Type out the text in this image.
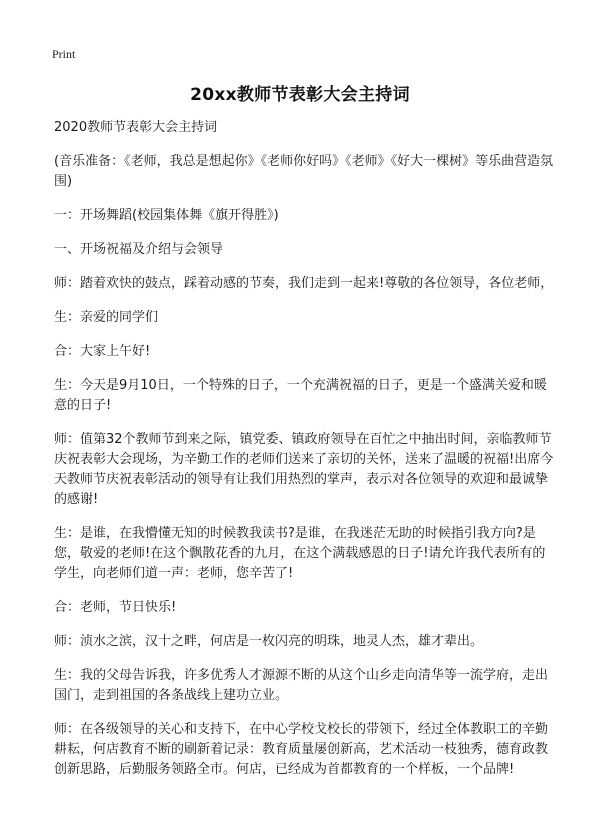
Print
20xx教师节表彰大会主持词

2020教师节表彰大会主持词

(音乐准备：《老师，我总是想起你》《老师你好吗》《老师》《好大一棵树》等乐曲营造氛围)

一：开场舞蹈(校园集体舞《旗开得胜》)

一、开场祝福及介绍与会领导

师：踏着欢快的鼓点，踩着动感的节奏，我们走到一起来!尊敬的各位领导，各位老师，

生：亲爱的同学们

合：大家上午好!

生：今天是9月10日，一个特殊的日子，一个充满祝福的日子，更是一个盛满关爱和暖意的日子!

师：值第32个教师节到来之际，镇党委、镇政府领导在百忙之中抽出时间，亲临教师节庆祝表彰大会现场，为辛勤工作的老师们送来了亲切的关怀，送来了温暖的祝福!出席今天教师节庆祝表彰活动的领导有让我们用热烈的掌声，表示对各位领导的欢迎和最诚挚的感谢!

生：是谁，在我懵懂无知的时候教我读书?是谁，在我迷茫无助的时候指引我方向?是您，敬爱的老师!在这个飘散花香的九月，在这个满载感恩的日子!请允许我代表所有的学生，向老师们道一声：老师，您辛苦了!

合：老师，节日快乐!

师：浈水之滨，汉十之畔，何店是一枚闪亮的明珠，地灵人杰，雄才辈出。

生：我的父母告诉我，许多优秀人才源源不断的从这个山乡走向清华等一流学府，走出国门，走到祖国的各条战线上建功立业。

师：在各级领导的关心和支持下，在中心学校戈校长的带领下，经过全体教职工的辛勤耕耘，何店教育不断的刷新着记录：教育质量屡创新高，艺术活动一枝独秀，德育政教创新思路，后勤服务领路全市。何店，已经成为首都教育的一个样板，一个品牌!
